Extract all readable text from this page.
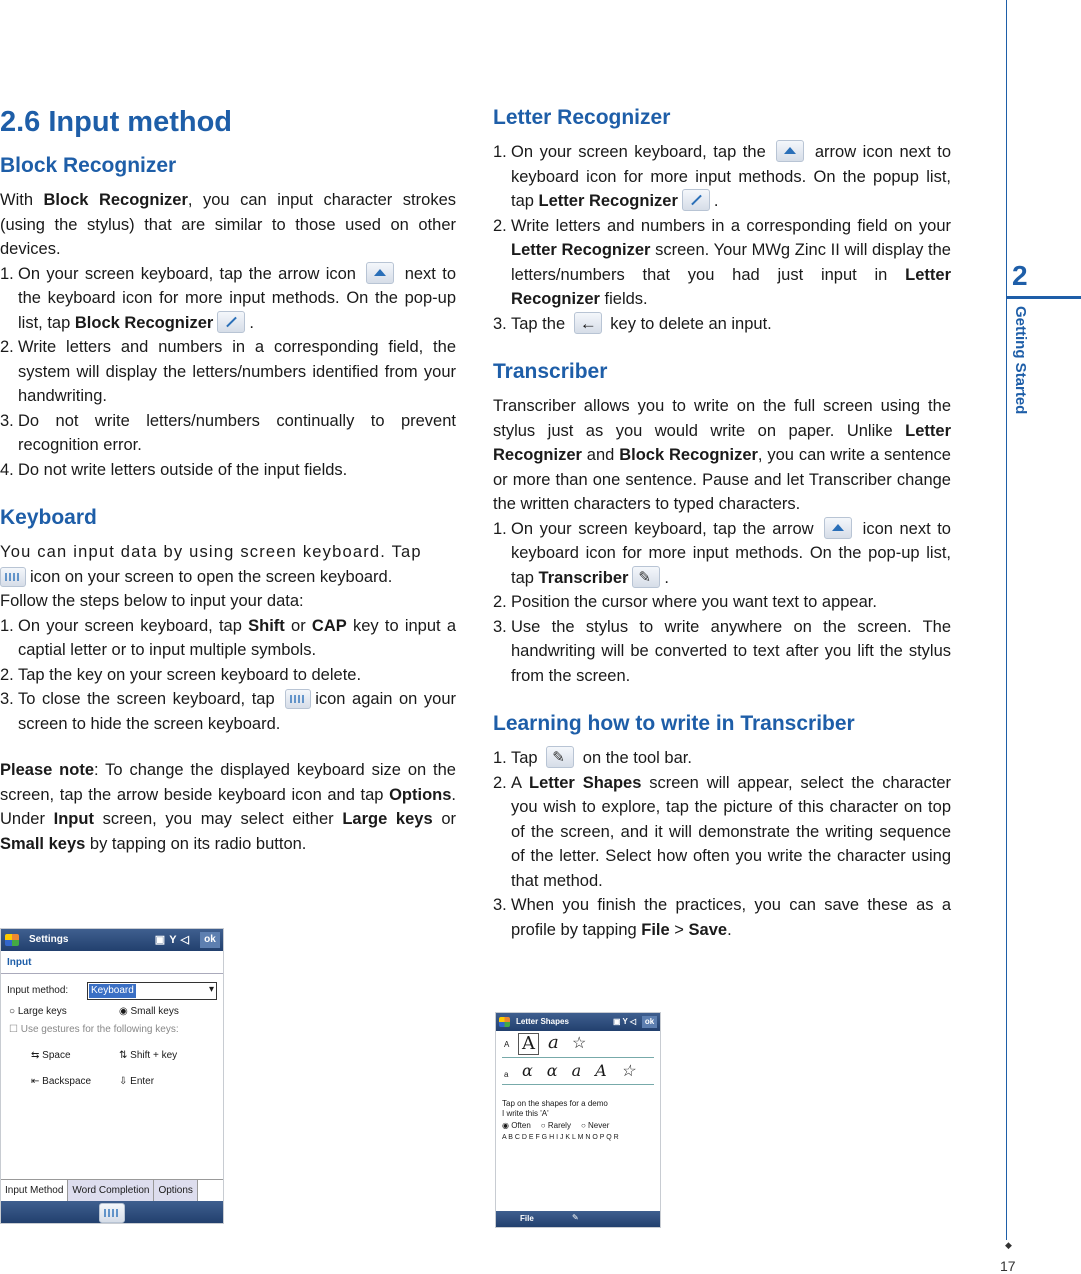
2.6 Input method
Block Recognizer

With Block Recognizer, you can input character strokes (using the stylus) that are similar to those used on other devices.

1. On your screen keyboard, tap the arrow icon  next to the keyboard icon for more input methods. On the pop-up list, tap Block Recognizer .
2. Write letters and numbers in a corresponding field, the system will display the letters/numbers identified from your handwriting.
3. Do not write letters/numbers continually to prevent recognition error.
4. Do not write letters outside of the input fields.
Keyboard

You can input data by using screen keyboard. Tap

icon on your screen to open the screen keyboard.

Follow the steps below to input your data:

1. On your screen keyboard, tap Shift or CAP key to input a captial letter or to input multiple symbols.
2. Tap the key on your screen keyboard to delete.
3. To close the screen keyboard, tap icon again on your screen to hide the screen keyboard.

Please note: To change the displayed keyboard size on the screen, tap the arrow beside keyboard icon and tap Options. Under Input screen, you may select either Large keys or Small keys by tapping on its radio button.

Settings	▣Y◁	ok
Input
Input method:	Keyboard	▾
○ Large keys	◉ Small keys
☐ Use gestures for the following keys:
⇆ Space	⇅ Shift + key
⇤ Backspace	⇩ Enter
Input Method Word Completion Options
Letter Recognizer
1. On your screen keyboard, tap the  arrow icon next to keyboard icon for more input methods. On the popup list, tap Letter Recognizer .
2. Write letters and numbers in a corresponding field on your Letter Recognizer screen. Your MWg Zinc II will display the letters/numbers that you had just input in Letter Recognizer fields.
3. Tap the ← key to delete an input.
Transcriber

Transcriber allows you to write on the full screen using the stylus just as you would write on paper. Unlike Letter Recognizer and Block Recognizer, you can write a sentence or more than one sentence. Pause and let Transcriber change the written characters to typed characters.

1. On your screen keyboard, tap the arrow  icon next to keyboard icon for more input methods. On the pop-up list, tap Transcriber✎ .
2. Position the cursor where you want text to appear.
3. Use the stylus to write anywhere on the screen. The handwriting will be converted to text after you lift the stylus from the screen.
Learning how to write in Transcriber
1. Tap ✎ on the tool bar.
2. A Letter Shapes screen will appear, select the character you wish to explore, tap the picture of this character on top of the screen, and it will demonstrate the writing sequence of the letter. Select how often you write the character using that method.
3. When you finish the practices, you can save these as a profile by tapping File > Save.
Letter Shapes	▣Y◁ ok
A A a ☆
a ααaA☆
Tap on the shapes for a demo
I write this 'A'
◉ Often ○ Rarely ○ Never
A B C D E F G H I J K L M N O P Q R
File	✎
2
Getting Started
◆
17
